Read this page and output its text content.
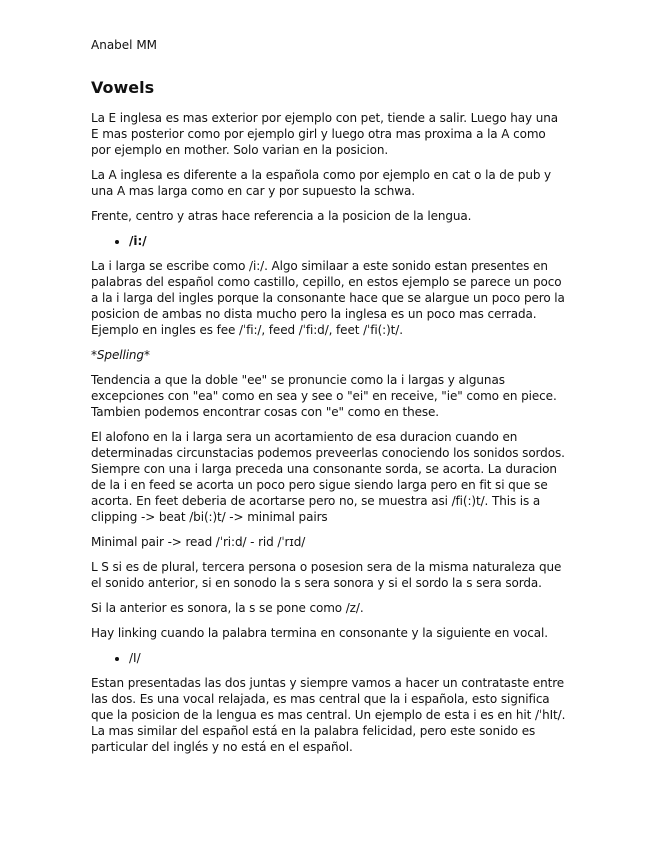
Anabel MM
Vowels

La E inglesa es mas exterior por ejemplo con pet, tiende a salir. Luego hay una E mas posterior como por ejemplo girl y luego otra mas proxima a la A como por ejemplo en mother. Solo varian en la posicion.

La A inglesa es diferente a la española como por ejemplo en cat o la de pub y una A mas larga como en car y por supuesto la schwa.

Frente, centro y atras hace referencia a la posicion de la lengua.

• /i:/

La i larga se escribe como /i:/. Algo similaar a este sonido estan presentes en palabras del español como castillo, cepillo, en estos ejemplo se parece un poco a la i larga del ingles porque la consonante hace que se alargue un poco pero la posicion de ambas no dista mucho pero la inglesa es un poco mas cerrada. Ejemplo en ingles es fee /ˈfi:/, feed /ˈfi:d/, feet /ˈfi(:)t/.

*Spelling*

Tendencia a que la doble "ee" se pronuncie como la i largas y algunas excepciones con "ea" como en sea y see o "ei" en receive, "ie" como en piece. Tambien podemos encontrar cosas con "e" como en these.

El alofono en la i larga sera un acortamiento de esa duracion cuando en determinadas circunstacias podemos preveerlas conociendo los sonidos sordos. Siempre con una i larga preceda una consonante sorda, se acorta. La duracion de la i en feed se acorta un poco pero sigue siendo larga pero en fit si que se acorta. En feet deberia de acortarse pero no, se muestra asi /fi(:)t/. This is a clipping -> beat /bi(:)t/ -> minimal pairs

Minimal pair -> read /ˈri:d/ - rid /ˈrɪd/

L S si es de plural, tercera persona o posesion sera de la misma naturaleza que el sonido anterior, si en sonodo la s sera sonora y si el sordo la s sera sorda.

Si la anterior es sonora, la s se pone como /z/.

Hay linking cuando la palabra termina en consonante y la siguiente en vocal.

• /I/

Estan presentadas las dos juntas y siempre vamos a hacer un contrataste entre las dos. Es una vocal relajada, es mas central que la i española, esto significa que la posicion de la lengua es mas central. Un ejemplo de esta i es en hit /ˈhIt/. La mas similar del español está en la palabra felicidad, pero este sonido es particular del inglés y no está en el español.
